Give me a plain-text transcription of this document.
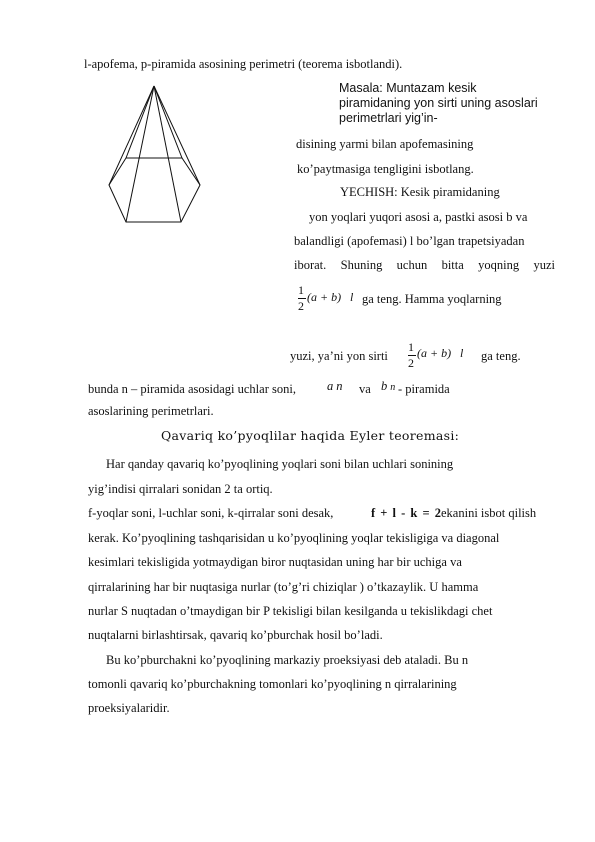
l-apofema, p-piramida asosining perimetri (teorema isbotlandi).
Masala: Muntazam kesik
piramidaning yon sirti uning asoslari
perimetrlari yig’in-
disining yarmi bilan apofemasining
ko’paytmasiga tengligini isbotlang.
YECHISH: Kesik piramidaning
yon yoqlari yuqori asosi a, pastki asosi b va
balandligi (apofemasi) l bo’lgan trapetsiyadan
iborat. Shuning uchun bitta yoqning yuzi
1
2
(a + b) l ga teng. Hamma yoqlarning
yuzi, ya’ni yon sirti
1
2
(a + b) l ga teng.
bunda n – piramida asosidagi uchlar soni, a n va b n - piramida
asoslarining perimetrlari.
Qavariq ko’pyoqlilar haqida Eyler teoremasi:
Har qanday qavariq ko’pyoqlining yoqlari soni bilan uchlari sonining
yig’indisi qirralari sonidan 2 ta ortiq.
f-yoqlar soni, l-uchlar soni, k-qirralar soni desak,	f + l - k = 2 ekanini isbot qilish
kerak. Ko’pyoqlining tashqarisidan u ko’pyoqlining yoqlar tekisligiga va diagonal
kesimlari tekisligida yotmaydigan biror nuqtasidan uning har bir uchiga va
qirralarining har bir nuqtasiga nurlar (to’g’ri chiziqlar ) o’tkazaylik. U hamma
nurlar S nuqtadan o’tmaydigan bir P tekisligi bilan kesilganda u tekislikdagi chet
nuqtalarni birlashtirsak, qavariq ko’pburchak hosil bo’ladi.
Bu ko’pburchakni ko’pyoqlining markaziy proeksiyasi deb ataladi. Bu n
tomonli qavariq ko’pburchakning tomonlari ko’pyoqlining n qirralarining
proeksiyalaridir.
